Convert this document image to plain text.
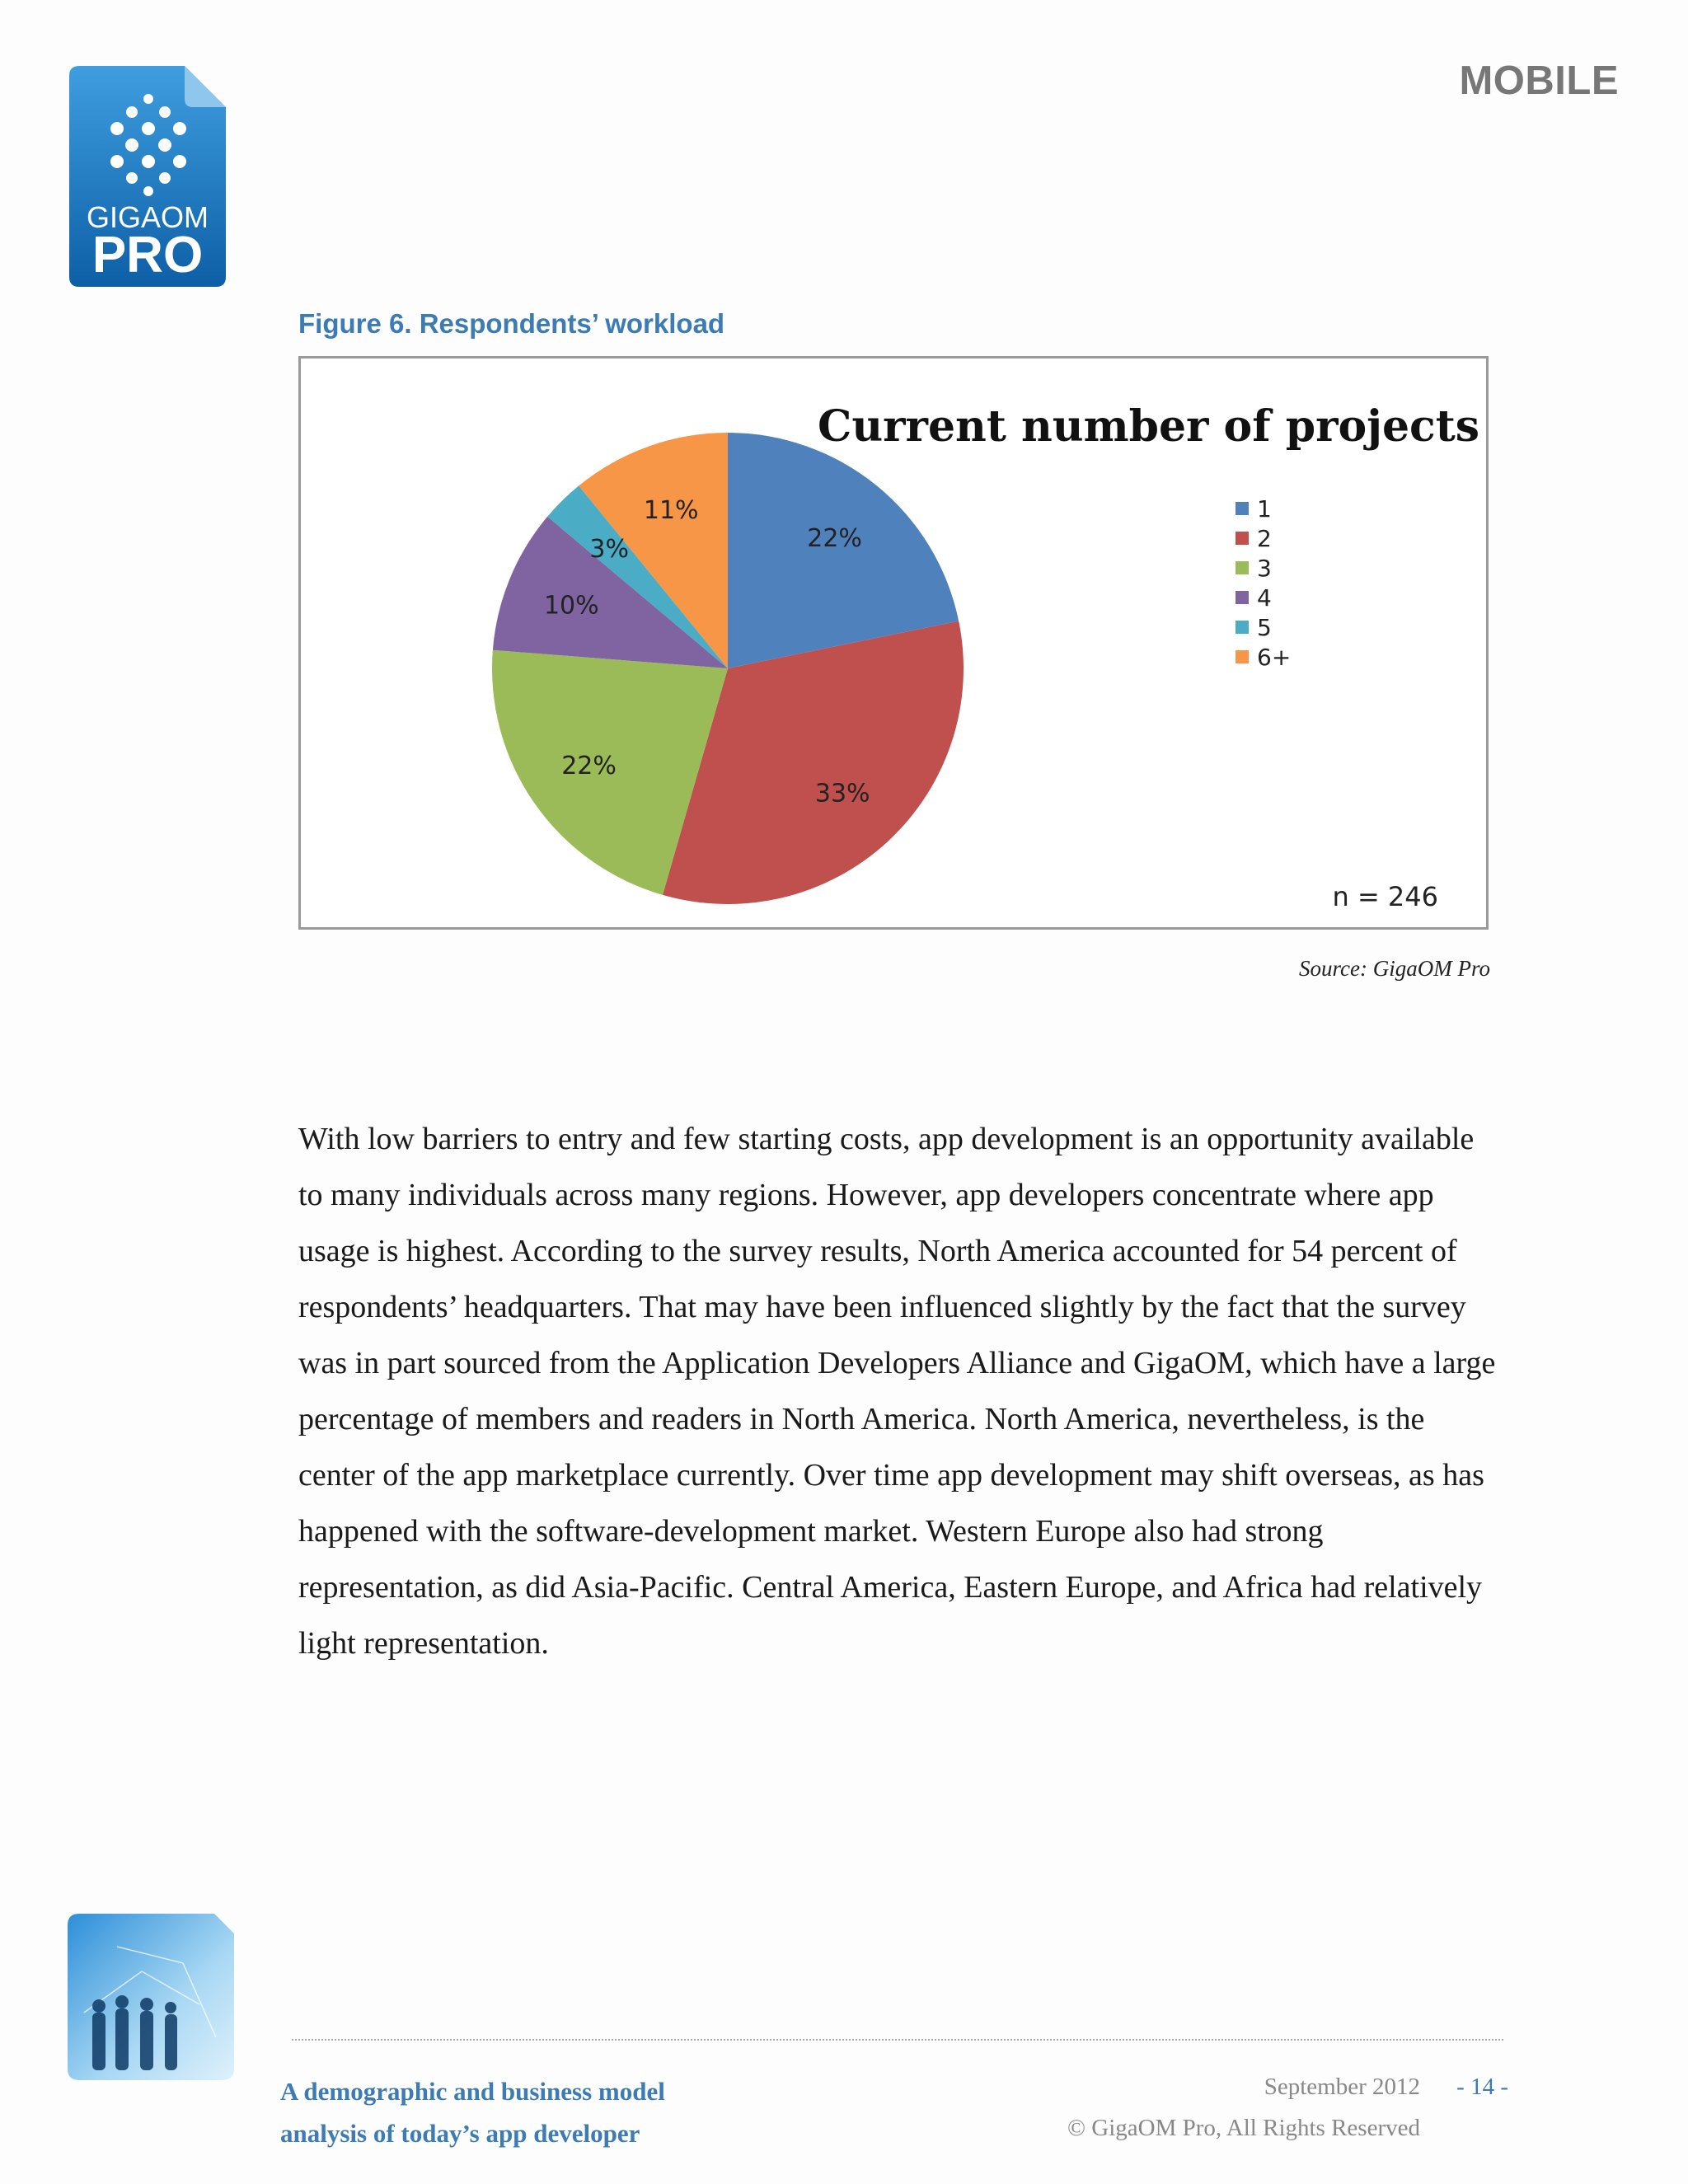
GIGAOM
PRO
MOBILE
Figure 6. Respondents’ workload
Current number of projects
22%
33%
22%
10%
3%
11%	1
2
3
4
5
6+
n = 246
Source: GigaOM Pro

With low barriers to entry and few starting costs, app development is an opportunity available to many individuals across many regions. However, app developers concentrate where app usage is highest. According to the survey results, North America accounted for 54 percent of respondents’ headquarters. That may have been influenced slightly by the fact that the survey was in part sourced from the Application Developers Alliance and GigaOM, which have a large percentage of members and readers in North America. North America, nevertheless, is the center of the app marketplace currently. Over time app development may shift overseas, as has happened with the software-development market. Western Europe also had strong representation, as did Asia-Pacific. Central America, Eastern Europe, and Africa had relatively light representation.

A demographic and business model
analysis of today’s app developer
September 2012 - 14 -
© GigaOM Pro, All Rights Reserved
